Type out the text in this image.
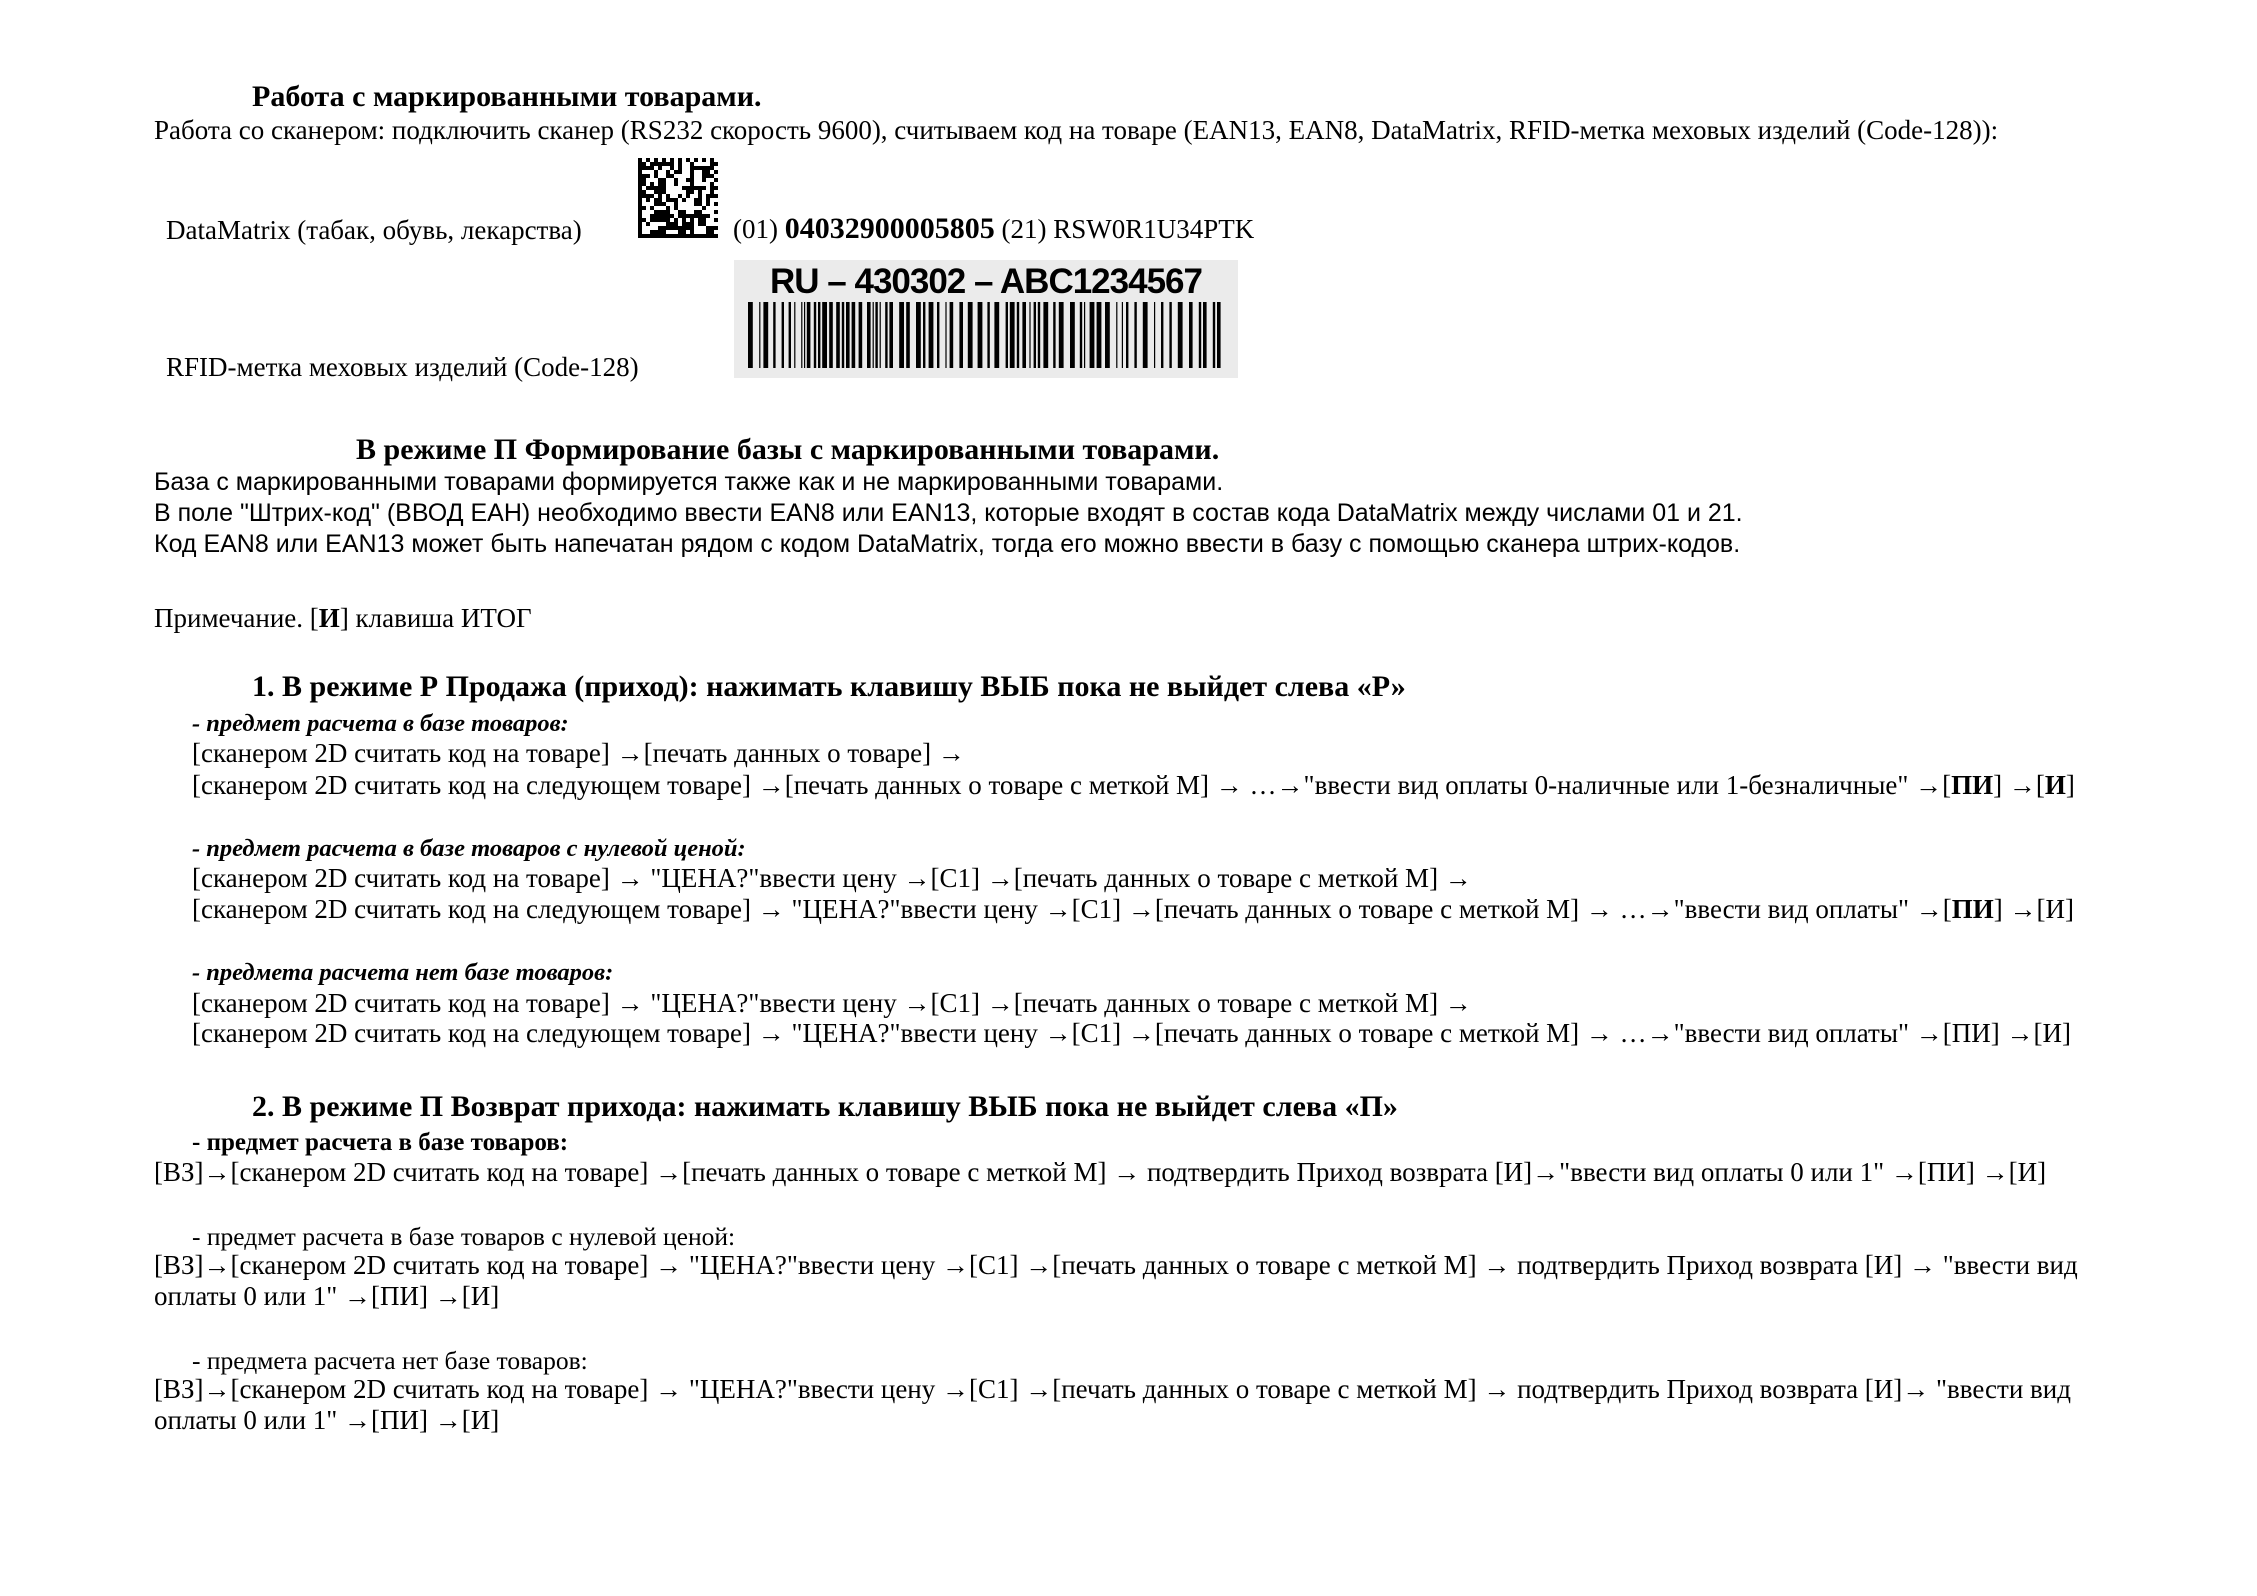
Работа с маркированными товарами.
Работа со сканером: подключить сканер (RS232 скорость 9600), считываем код на товаре (EAN13, EAN8, DataMatrix, RFID-метка меховых изделий (Code-128)):
DataMatrix (табак, обувь, лекарства)	(01) 04032900005805 (21) RSW0R1U34PTK
RU – 430302 – ABC1234567
RFID-метка меховых изделий (Code-128)
В режиме П Формирование базы с маркированными товарами.
База с маркированными товарами формируется также как и не маркированными товарами.
В поле "Штрих-код" (ВВОД EAH) необходимо ввести EAN8 или EAN13, которые входят в состав кода DataMatrix между числами 01 и 21.
Код EAN8 или EAN13 может быть напечатан рядом с кодом DataMatrix, тогда его можно ввести в базу с помощью сканера штрих-кодов.
Примечание. [И] клавиша ИТОГ
1. В режиме Р Продажа (приход): нажимать клавишу ВЫБ пока не выйдет слева «Р»
- предмет расчета в базе товаров:
[сканером 2D считать код на товаре] →[печать данных о товаре] →
[сканером 2D считать код на следующем товаре] →[печать данных о товаре с меткой M] → …→"ввести вид оплаты 0-наличные или 1-безналичные" →[ПИ] →[И]
- предмет расчета в базе товаров с нулевой ценой:
[сканером 2D считать код на товаре] → "ЦЕНА?"ввести цену →[C1] →[печать данных о товаре с меткой M] →
[сканером 2D считать код на следующем товаре] → "ЦЕНА?"ввести цену →[C1] →[печать данных о товаре с меткой M] → …→"ввести вид оплаты" →[ПИ] →[И]
- предмета расчета нет базе товаров:
[сканером 2D считать код на товаре] → "ЦЕНА?"ввести цену →[C1] →[печать данных о товаре с меткой M] →
[сканером 2D считать код на следующем товаре] → "ЦЕНА?"ввести цену →[C1] →[печать данных о товаре с меткой M] → …→"ввести вид оплаты" →[ПИ] →[И]
2. В режиме П Возврат прихода: нажимать клавишу ВЫБ пока не выйдет слева «П»
- предмет расчета в базе товаров:
[ВЗ]→[сканером 2D считать код на товаре] →[печать данных о товаре с меткой M] → подтвердить Приход возврата [И]→"ввести вид оплаты 0 или 1" →[ПИ] →[И]
- предмет расчета в базе товаров с нулевой ценой:
[ВЗ]→[сканером 2D считать код на товаре] → "ЦЕНА?"ввести цену →[C1] →[печать данных о товаре с меткой M] → подтвердить Приход возврата [И] → "ввести вид
оплаты 0 или 1" →[ПИ] →[И]
- предмета расчета нет базе товаров:
[ВЗ]→[сканером 2D считать код на товаре] → "ЦЕНА?"ввести цену →[C1] →[печать данных о товаре с меткой M] → подтвердить Приход возврата [И]→ "ввести вид
оплаты 0 или 1" →[ПИ] →[И]
